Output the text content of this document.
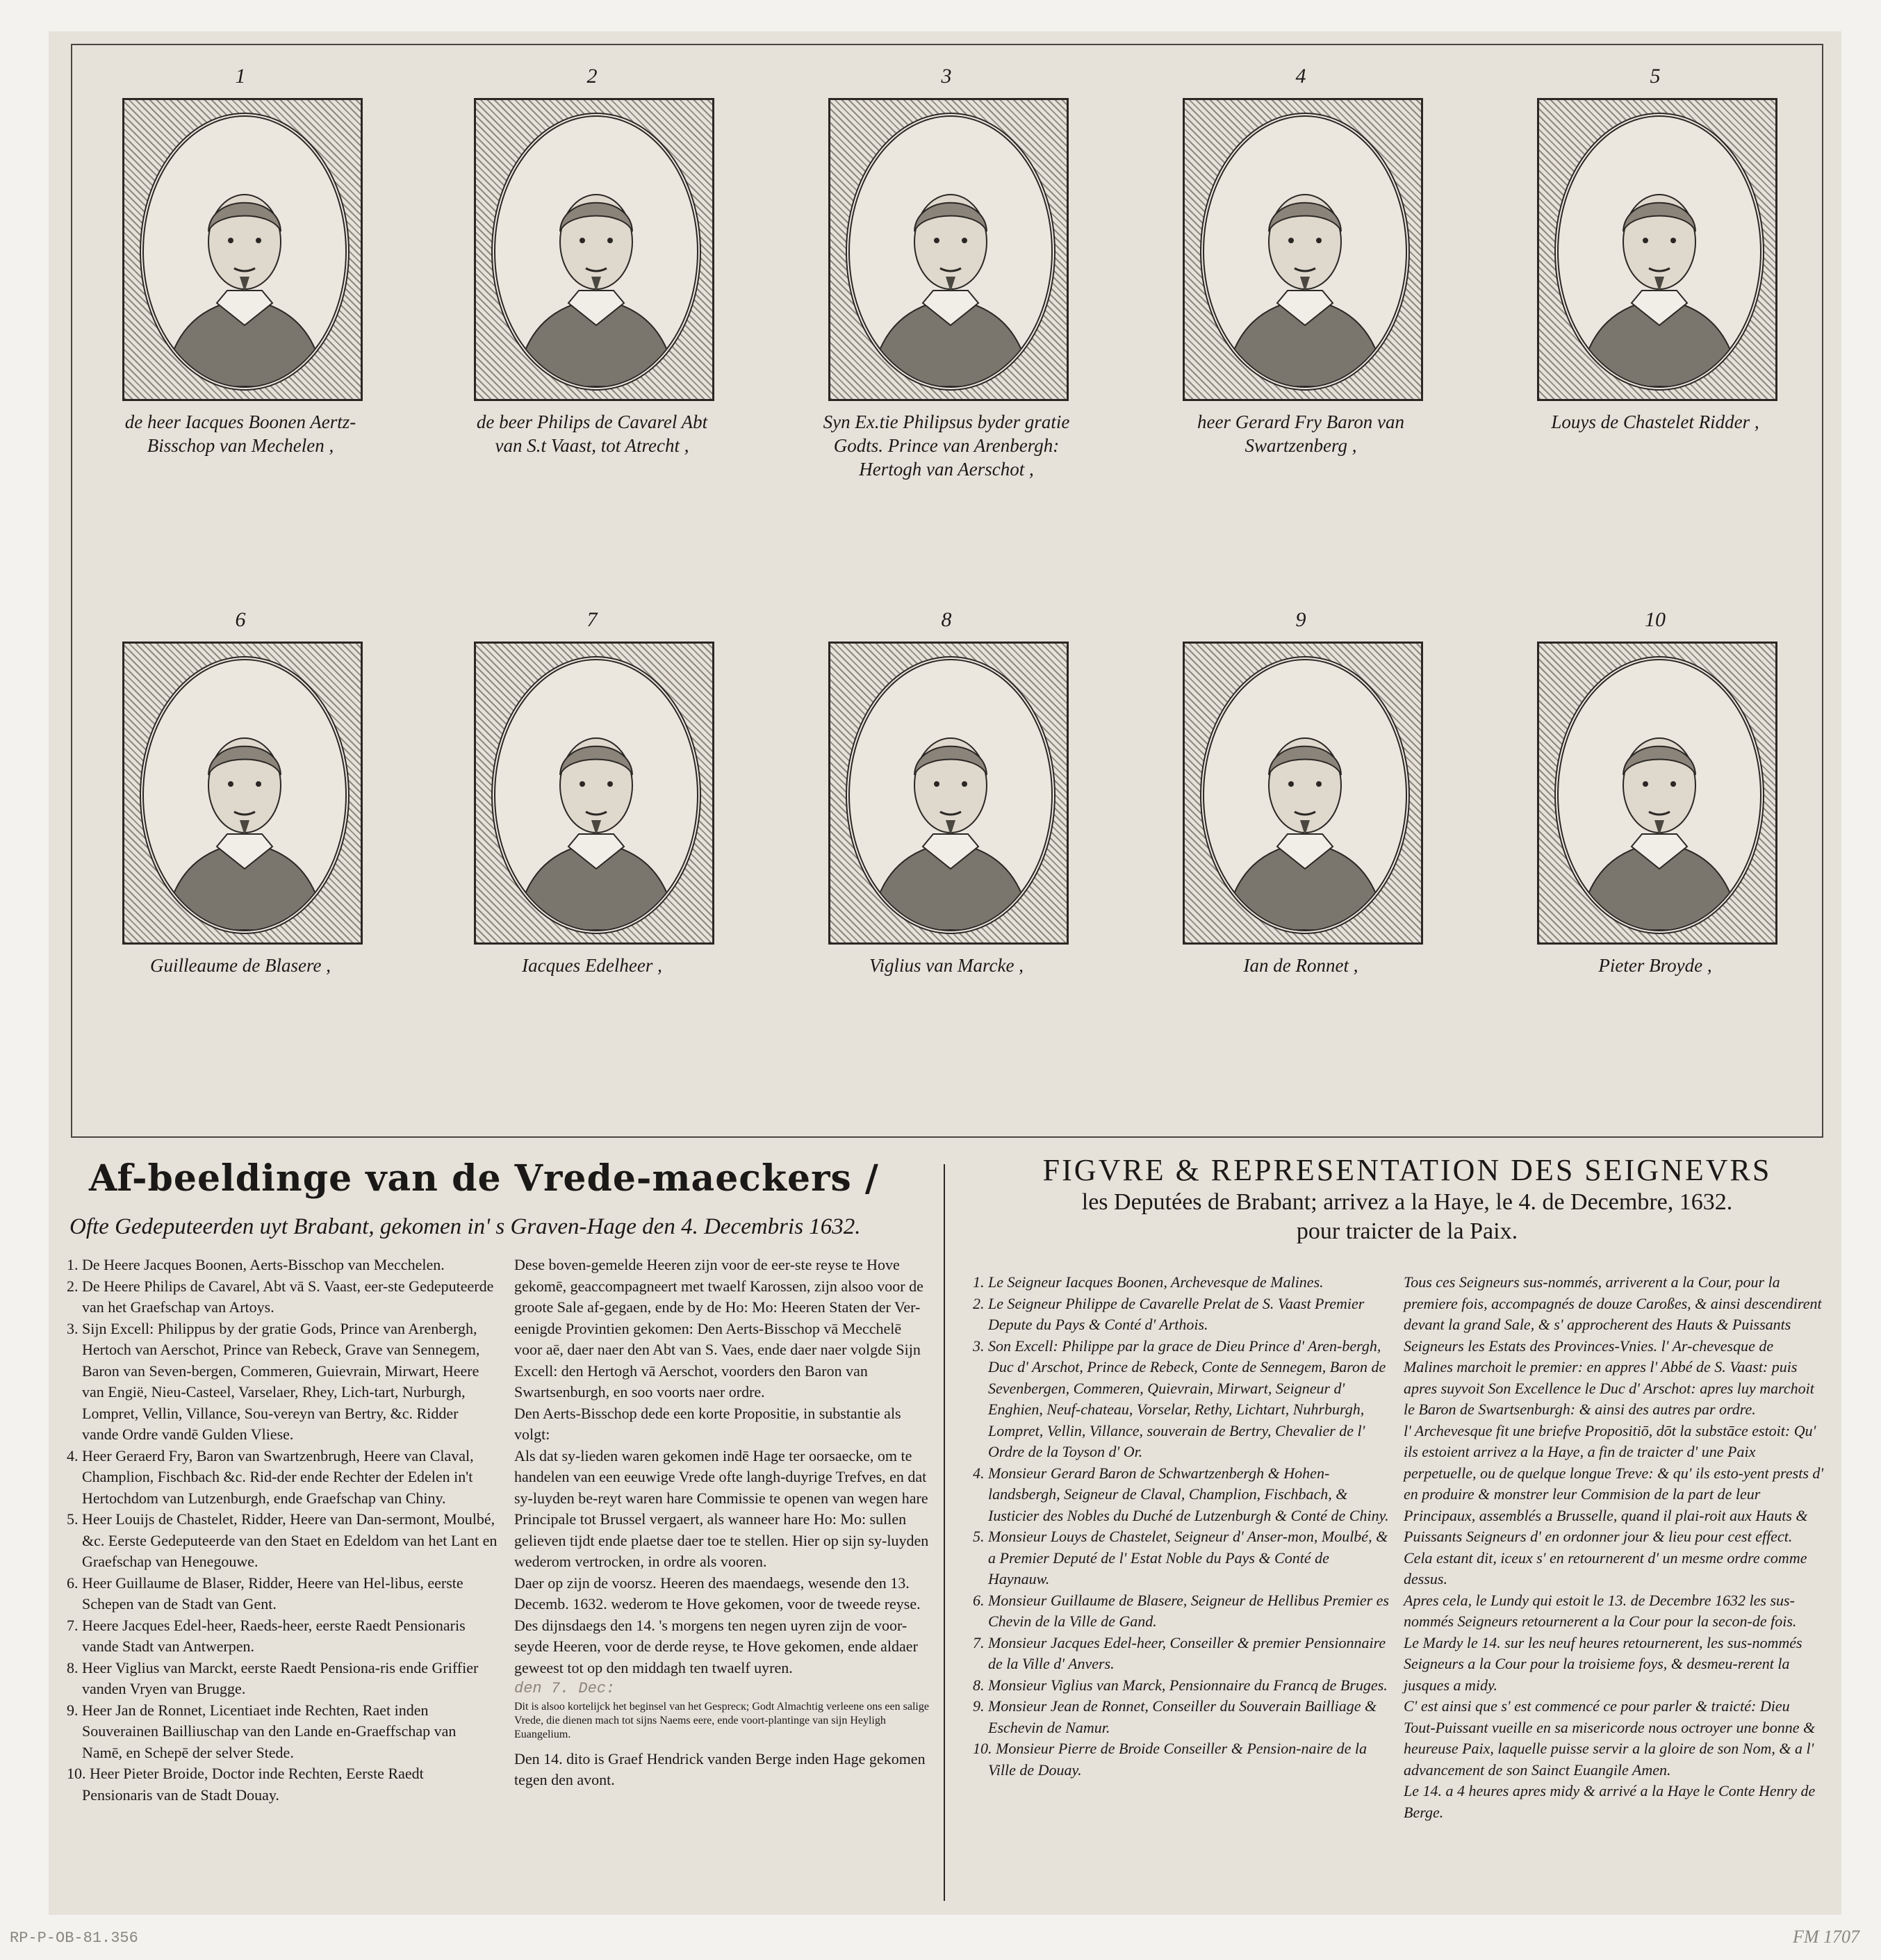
1
de heer Iacques Boonen Aertz-
Bisschop van Mechelen ,
2
de beer Philips de Cavarel Abt
van S.t Vaast, tot Atrecht ,
3
Syn Ex.tie Philipsus byder gratie
Godts. Prince van Arenbergh:
Hertogh van Aerschot ,
4
heer Gerard Fry Baron van
Swartzenberg ,
5
Louys de Chastelet Ridder ,
6
Guilleaume de Blasere ,
7
Iacques Edelheer ,
8
Viglius van Marcke ,
9
Ian de Ronnet ,
10
Pieter Broyde ,
Af-beeldinge van de Vrede-maeckers /
Ofte Gedeputeerden uyt Brabant, gekomen in' s Graven-Hage den 4. Decembris 1632.

1. De Heere Jacques Boonen, Aerts-Bisschop van Mecchelen.

2. De Heere Philips de Cavarel, Abt vā S. Vaast, eer-ste Gedeputeerde van het Graefschap van Artoys.

3. Sijn Excell: Philippus by der gratie Gods, Prince van Arenbergh, Hertoch van Aerschot, Prince van Rebeck, Grave van Sennegem, Baron van Seven-bergen, Commeren, Guievrain, Mirwart, Heere van Engië, Nieu-Casteel, Varselaer, Rhey, Lich-tart, Nurburgh, Lompret, Vellin, Villance, Sou-vereyn van Bertry, &c. Ridder vande Ordre vandē Gulden Vliese.

4. Heer Geraerd Fry, Baron van Swartzenbrugh, Heere van Claval, Champlion, Fischbach &c. Rid-der ende Rechter der Edelen in't Hertochdom van Lutzenburgh, ende Graefschap van Chiny.

5. Heer Louijs de Chastelet, Ridder, Heere van Dan-sermont, Moulbé, &c. Eerste Gedeputeerde van den Staet en Edeldom van het Lant en Graefschap van Henegouwe.

6. Heer Guillaume de Blaser, Ridder, Heere van Hel-libus, eerste Schepen van de Stadt van Gent.

7. Heere Jacques Edel-heer, Raeds-heer, eerste Raedt Pensionaris vande Stadt van Antwerpen.

8. Heer Viglius van Marckt, eerste Raedt Pensiona-ris ende Griffier vanden Vryen van Brugge.

9. Heer Jan de Ronnet, Licentiaet inde Rechten, Raet inden Souverainen Bailliuschap van den Lande en-Graeffschap van Namē, en Schepē der selver Stede.

10. Heer Pieter Broide, Doctor inde Rechten, Eerste Raedt Pensionaris van de Stadt Douay.

Dese boven-gemelde Heeren zijn voor de eer-ste reyse te Hove gekomē, geaccompagneert met twaelf Karossen, zijn alsoo voor de groote Sale af-gegaen, ende by de Ho: Mo: Heeren Staten der Ver-eenigde Provintien gekomen: Den Aerts-Bisschop vā Mecchelē voor aē, daer naer den Abt van S. Vaes, ende daer naer volgde Sijn Excell: den Hertogh vā Aerschot, voorders den Baron van Swartsenburgh, en soo voorts naer ordre.

Den Aerts-Bisschop dede een korte Propositie, in substantie als volgt:

Als dat sy-lieden waren gekomen indē Hage ter oorsaecke, om te handelen van een eeuwige Vrede ofte langh-duyrige Trefves, en dat sy-luyden be-reyt waren hare Commissie te openen van wegen hare Principale tot Brussel vergaert, als wanneer hare Ho: Mo: sullen gelieven tijdt ende plaetse daer toe te stellen. Hier op sijn sy-luyden wederom vertrocken, in ordre als vooren.

Daer op zijn de voorsz. Heeren des maendaegs, wesende den 13. Decemb. 1632. wederom te Hove gekomen, voor de tweede reyse.

Des dijnsdaegs den 14. 's morgens ten negen uyren zijn de voor-seyde Heeren, voor de derde reyse, te Hove gekomen, ende aldaer geweest tot op den middagh ten twaelf uyren.

den 7. Dec:

Dit is alsoo kortelijck het beginsel van het Gesprecк; Godt Almachtig verleene ons een salige Vrede, die dienen mach tot sijns Naems eere, ende voort-plantinge van sijn Heyligh Euangelium.

Den 14. dito is Graef Hendrick vanden Berge inden Hage gekomen tegen den avont.

FIGVRE & REPRESENTATION DES SEIGNEVRS
les Deputées de Brabant; arrivez a la Haye, le 4. de Decembre, 1632.
pour traicter de la Paix.

1. Le Seigneur Iacques Boonen, Archevesque de Malines.

2. Le Seigneur Philippe de Cavarelle Prelat de S. Vaast Premier Depute du Pays & Conté d' Arthois.

3. Son Excell: Philippe par la grace de Dieu Prince d' Aren-bergh, Duc d' Arschot, Prince de Rebeck, Conte de Sennegem, Baron de Sevenbergen, Commeren, Quievrain, Mirwart, Seigneur d' Enghien, Neuf-chateau, Vorselar, Rethy, Lichtart, Nuhrburgh, Lompret, Vellin, Villance, souverain de Bertry, Chevalier de l' Ordre de la Toyson d' Or.

4. Monsieur Gerard Baron de Schwartzenbergh & Hohen-landsbergh, Seigneur de Claval, Champlion, Fischbach, & Iusticier des Nobles du Duché de Lutzenburgh & Conté de Chiny.

5. Monsieur Louys de Chastelet, Seigneur d' Anser-mon, Moulbé, & a Premier Deputé de l' Estat Noble du Pays & Conté de Haynauw.

6. Monsieur Guillaume de Blasere, Seigneur de Hellibus Premier es Chevin de la Ville de Gand.

7. Monsieur Jacques Edel-heer, Conseiller & premier Pensionnaire de la Ville d' Anvers.

8. Monsieur Viglius van Marck, Pensionnaire du Francq de Bruges.

9. Monsieur Jean de Ronnet, Conseiller du Souverain Bailliage & Eschevin de Namur.

10. Monsieur Pierre de Broide Conseiller & Pension-naire de la Ville de Douay.

Tous ces Seigneurs sus-nommés, arriverent a la Cour, pour la premiere fois, accompagnés de douze Caroßes, & ainsi descendirent devant la grand Sale, & s' approcherent des Hauts & Puissants Seigneurs les Estats des Provinces-Vnies. l' Ar-chevesque de Malines marchoit le premier: en appres l' Abbé de S. Vaast: puis apres suyvoit Son Excellence le Duc d' Arschot: apres luy marchoit le Baron de Swartsenburgh: & ainsi des autres par ordre.

l' Archevesque fit une briefve Propositiō, dōt la substāce estoit: Qu' ils estoient arrivez a la Haye, a fin de traicter d' une Paix perpetuelle, ou de quelque longue Treve: & qu' ils esto-yent prests d' en produire & monstrer leur Commision de la part de leur Principaux, assemblés a Brusselle, quand il plai-roit aux Hauts & Puissants Seigneurs d' en ordonner jour & lieu pour cest effect. Cela estant dit, iceux s' en retournerent d' un mesme ordre comme dessus.

Apres cela, le Lundy qui estoit le 13. de Decembre 1632 les sus-nommés Seigneurs retournerent a la Cour pour la secon-de fois.

Le Mardy le 14. sur les neuf heures retournerent, les sus-nommés Seigneurs a la Cour pour la troisieme foys, & desmeu-rerent la jusques a midy.

C' est ainsi que s' est commencé ce pour parler & traicté: Dieu Tout-Puissant vueille en sa misericorde nous octroyer une bonne & heureuse Paix, laquelle puisse servir a la gloire de son Nom, & a l' advancement de son Sainct Euangile Amen.

Le 14. a 4 heures apres midy & arrivé a la Haye le Conte Henry de Berge.

RP-P-OB-81.356	FM 1707
